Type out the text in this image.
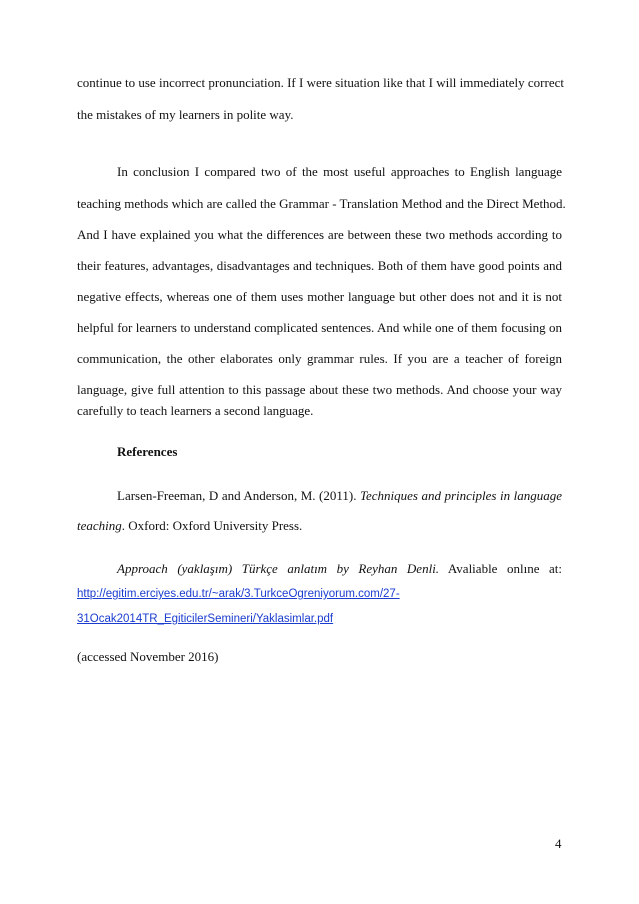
continue to use incorrect pronunciation. If I were situation like that I will immediately correct
the mistakes of my learners in polite way.
In conclusion I compared two of the most useful approaches to English language
teaching methods which are called the Grammar - Translation Method and the Direct Method.
And I have explained you what the differences are between these two methods according to
their features, advantages, disadvantages and techniques. Both of them have good points and
negative effects, whereas one of them uses mother language but other does not and it is not
helpful for learners to understand complicated sentences. And while one of them focusing on
communication, the other elaborates only grammar rules. If you are a teacher of foreign
language, give full attention to this passage about these two methods. And choose your way
carefully to teach learners a second language.
References
Larsen-Freeman, D and Anderson, M. (2011). Techniques and principles in language
teaching. Oxford: Oxford University Press.
Approach (yaklaşım) Türkçe anlatım by Reyhan Denli. Avaliable onlıne at:
http://egitim.erciyes.edu.tr/~arak/3.TurkceOgreniyorum.com/27-
31Ocak2014TR_EgiticilerSemineri/Yaklasimlar.pdf
(accessed November 2016)
4
